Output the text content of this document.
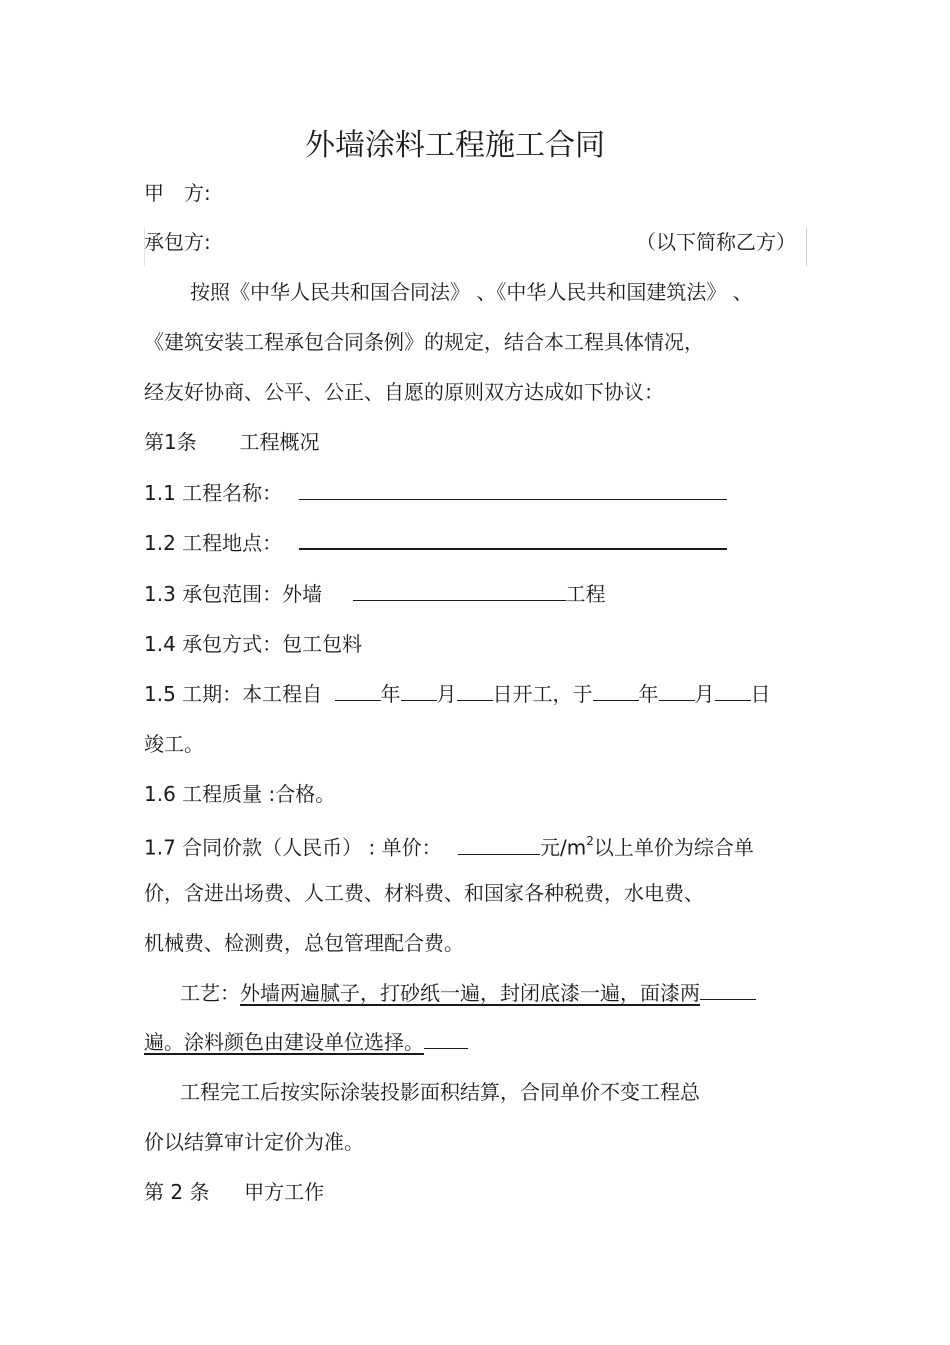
外墙涂料工程施工合同
甲　方:
承包方:	（以下简称乙方）
按照《中华人民共和国合同法》 、《中华人民共和国建筑法》 、
《建筑安装工程承包合同条例》的规定，结合本工程具体情况，
经友好协商、公平、公正、自愿的原则双方达成如下协议：
第1条 工程概况
1.1 工程名称：
1.2 工程地点：
1.3 承包范围：外墙	工程
1.4 承包方式：包工包料
1.5 工期：本工程自	年 月 日开工，于 年 月 日
竣工。
1.6 工程质量 :合格。
1.7 合同价款（人民币） : 单价：	元$/m^2$以上单价为综合单
价，含进出场费、人工费、材料费、和国家各种税费，水电费、
机械费、检测费，总包管理配合费。
工艺：外墙两遍腻子，打砂纸一遍，封闭底漆一遍，面漆两
遍。涂料颜色由建设单位选择。
工程完工后按实际涂装投影面积结算，合同单价不变工程总
价以结算审计定价为准。
第 2 条 甲方工作
